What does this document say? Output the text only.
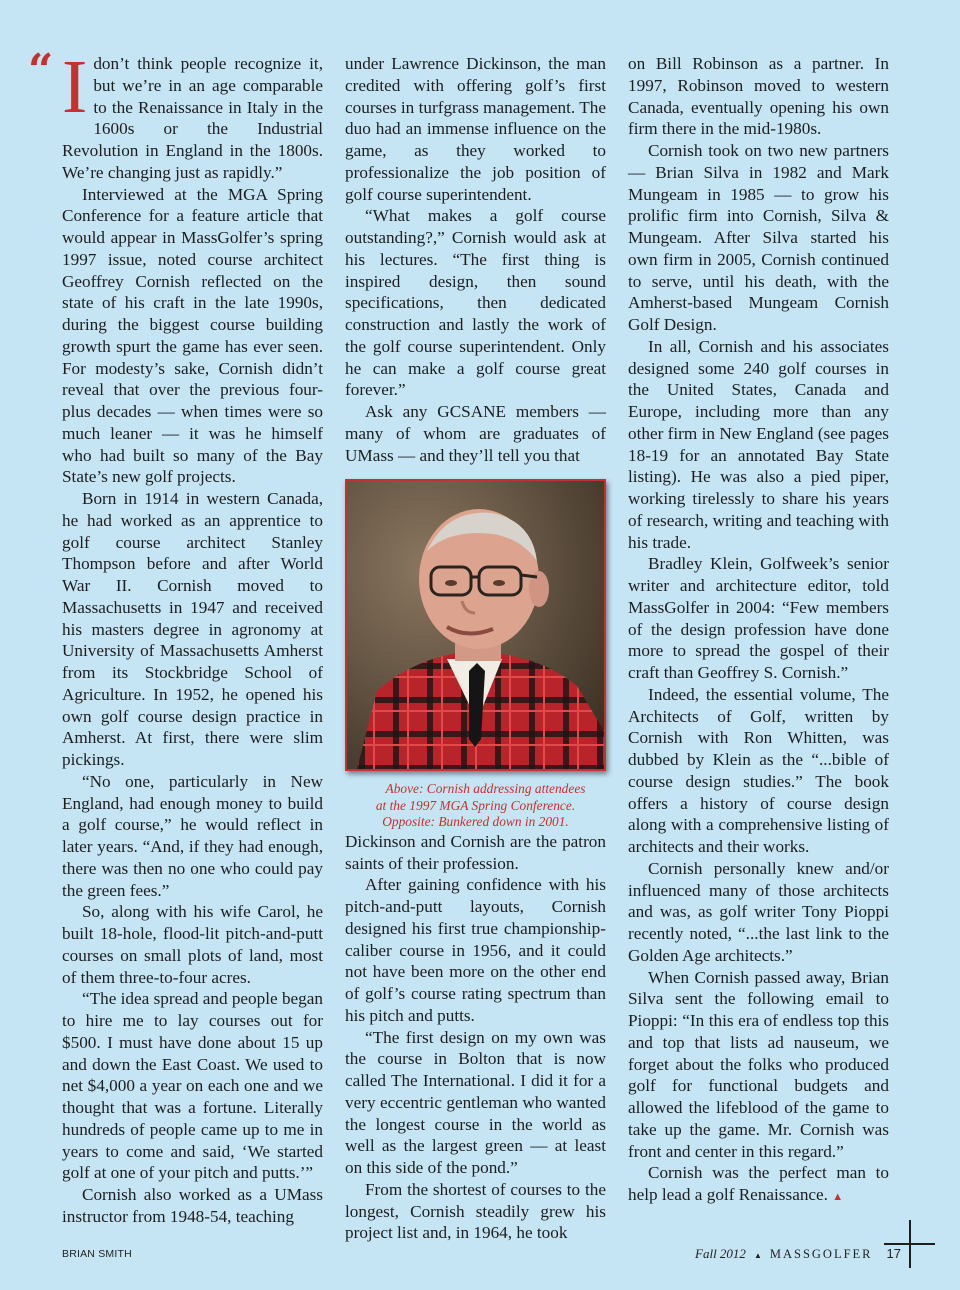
“ I don’t think people recognize it, but we’re in an age comparable to the Renaissance in Italy in the 1600s or the Industrial Revolution in England in the 1800s. We’re changing just as rapidly.”

Interviewed at the MGA Spring Conference for a feature article that would appear in MassGolfer’s spring 1997 issue, noted course architect Geoffrey Cornish reflected on the state of his craft in the late 1990s, during the biggest course building growth spurt the game has ever seen. For modesty’s sake, Cornish didn’t reveal that over the previous four-plus decades — when times were so much leaner — it was he himself who had built so many of the Bay State’s new golf projects.

Born in 1914 in western Canada, he had worked as an apprentice to golf course architect Stanley Thompson before and after World War II. Cornish moved to Massachusetts in 1947 and received his masters degree in agronomy at University of Massachusetts Amherst from its Stockbridge School of Agriculture. In 1952, he opened his own golf course design practice in Amherst. At first, there were slim pickings.

“No one, particularly in New England, had enough money to build a golf course,” he would reflect in later years. “And, if they had enough, there was then no one who could pay the green fees.”

So, along with his wife Carol, he built 18-hole, flood-lit pitch-and-putt courses on small plots of land, most of them three-to-four acres.

“The idea spread and people began to hire me to lay courses out for $500. I must have done about 15 up and down the East Coast. We used to net $4,000 a year on each one and we thought that was a fortune. Literally hundreds of people came up to me in years to come and said, ‘We started golf at one of your pitch and putts.’”

Cornish also worked as a UMass instructor from 1948-54, teaching

under Lawrence Dickinson, the man credited with offering golf’s first courses in turfgrass management. The duo had an immense influence on the game, as they worked to professionalize the job position of golf course superintendent.

“What makes a golf course outstanding?,” Cornish would ask at his lectures. “The first thing is inspired design, then sound specifications, then dedicated construction and lastly the work of the golf course superintendent. Only he can make a golf course great forever.”

Ask any GCSANE members — many of whom are graduates of UMass — and they’ll tell you that

Above: Cornish addressing attendees
at the 1997 MGA Spring Conference.
Opposite: Bunkered down in 2001.

Dickinson and Cornish are the patron saints of their profession.

After gaining confidence with his pitch-and-putt layouts, Cornish designed his first true championship-caliber course in 1956, and it could not have been more on the other end of golf’s course rating spectrum than his pitch and putts.

“The first design on my own was the course in Bolton that is now called The International. I did it for a very eccentric gentleman who wanted the longest course in the world as well as the largest green — at least on this side of the pond.”

From the shortest of courses to the longest, Cornish steadily grew his project list and, in 1964, he took

on Bill Robinson as a partner. In 1997, Robinson moved to western Canada, eventually opening his own firm there in the mid-1980s.

Cornish took on two new partners — Brian Silva in 1982 and Mark Mungeam in 1985 — to grow his prolific firm into Cornish, Silva & Mungeam. After Silva started his own firm in 2005, Cornish continued to serve, until his death, with the Amherst-based Mungeam Cornish Golf Design.

In all, Cornish and his associates designed some 240 golf courses in the United States, Canada and Europe, including more than any other firm in New England (see pages 18-19 for an annotated Bay State listing). He was also a pied piper, working tirelessly to share his years of research, writing and teaching with his trade.

Bradley Klein, Golfweek’s senior writer and architecture editor, told MassGolfer in 2004: “Few members of the design profession have done more to spread the gospel of their craft than Geoffrey S. Cornish.”

Indeed, the essential volume, The Architects of Golf, written by Cornish with Ron Whitten, was dubbed by Klein as the “...bible of course design studies.” The book offers a history of course design along with a comprehensive listing of architects and their works.

Cornish personally knew and/or influenced many of those architects and was, as golf writer Tony Pioppi recently noted, “...the last link to the Golden Age architects.”

When Cornish passed away, Brian Silva sent the following email to Pioppi: “In this era of endless top this and top that lists ad nauseum, we forget about the folks who produced golf for functional budgets and allowed the lifeblood of the game to take up the game. Mr. Cornish was front and center in this regard.”

Cornish was the perfect man to help lead a golf Renaissance. ▲

BRIAN SMITH	Fall 2012 ▲ MASSGOLFER 17
